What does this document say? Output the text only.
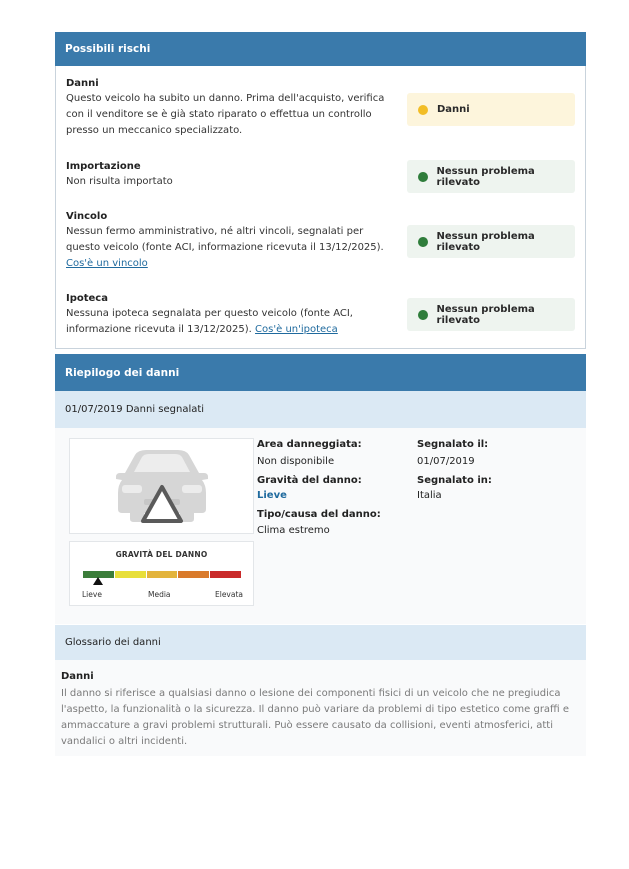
Possibili rischi
Danni
Questo veicolo ha subito un danno. Prima dell'acquisto, verifica con il venditore se è già stato riparato o effettua un controllo presso un meccanico specializzato.
Danni
Importazione
Non risulta importato
Nessun problema rilevato
Vincolo
Nessun fermo amministrativo, né altri vincoli, segnalati per questo veicolo (fonte ACI, informazione ricevuta il 13/12/2025).
Cos'è un vincolo
Nessun problema rilevato
Ipoteca
Nessuna ipoteca segnalata per questo veicolo (fonte ACI, informazione ricevuta il 13/12/2025). Cos'è un'ipoteca
Nessun problema rilevato
Riepilogo dei danni
01/07/2019 Danni segnalati
GRAVITÀ DEL DANNO
Lieve	Media	Elevata
Area danneggiata:
Non disponibile
Gravità del danno:
Lieve
Tipo/causa del danno:
Clima estremo
Segnalato il:
01/07/2019
Segnalato in:
Italia
Glossario dei danni
Danni
Il danno si riferisce a qualsiasi danno o lesione dei componenti fisici di un veicolo che ne pregiudica l'aspetto, la funzionalità o la sicurezza. Il danno può variare da problemi di tipo estetico come graffi e ammaccature a gravi problemi strutturali. Può essere causato da collisioni, eventi atmosferici, atti vandalici o altri incidenti.
